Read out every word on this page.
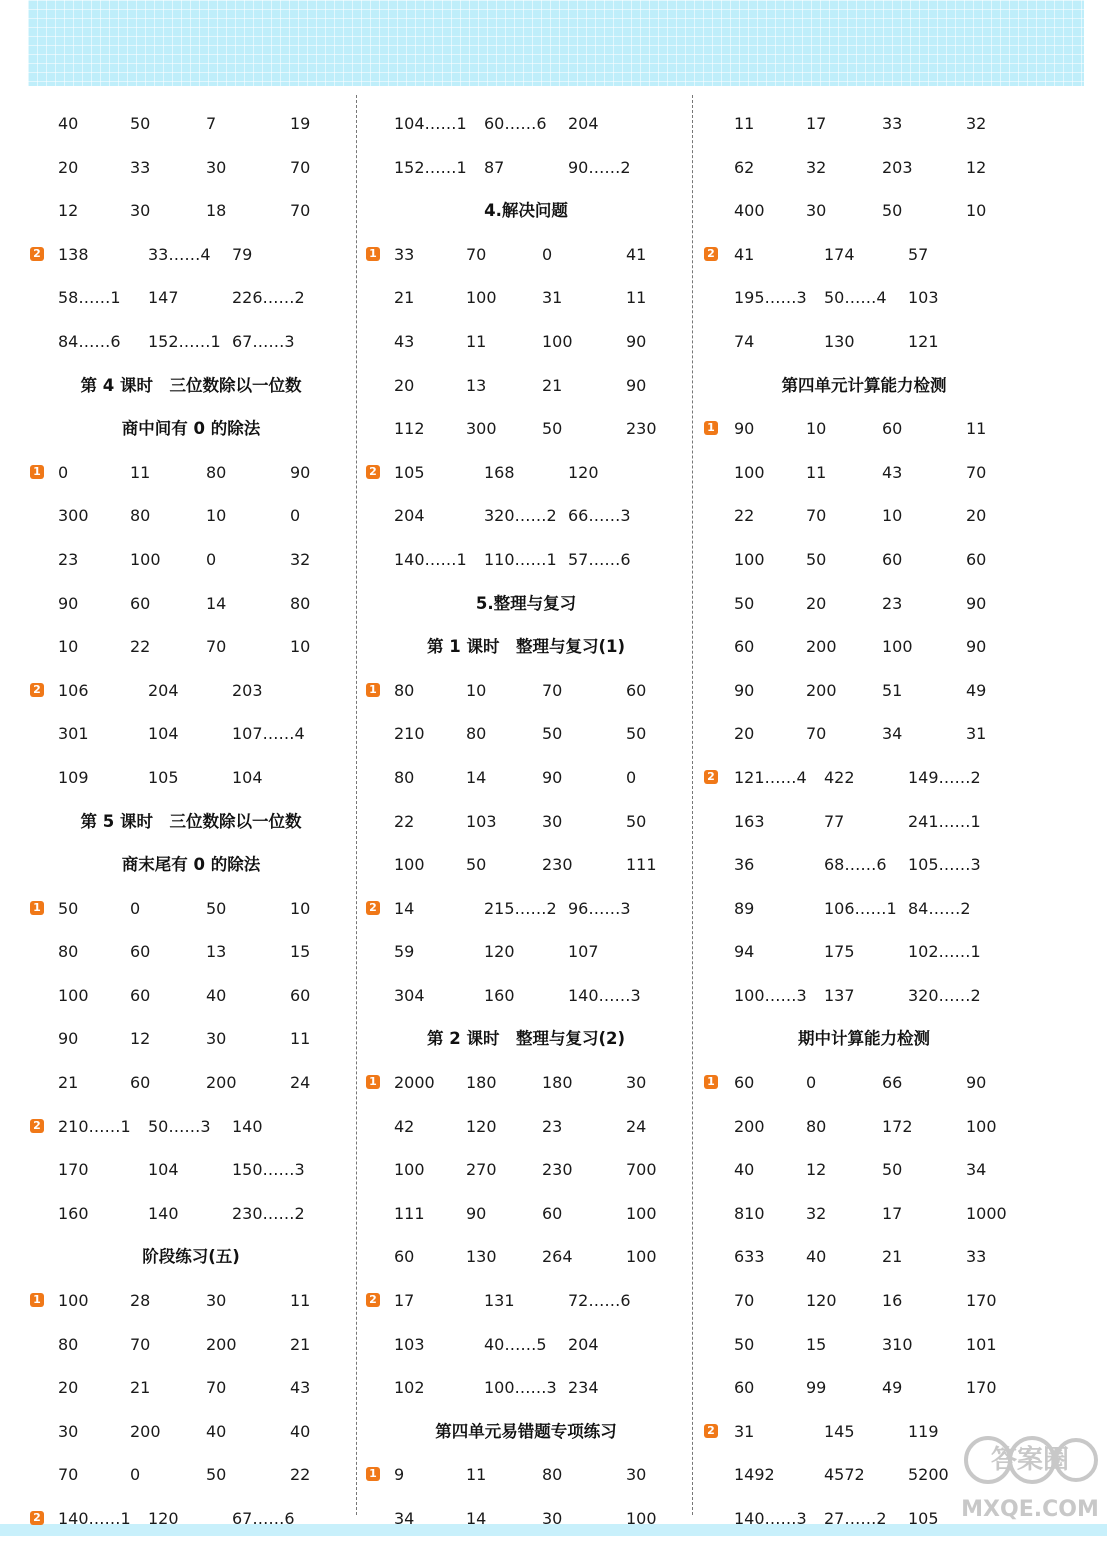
40	50	7	19
20	33	30	70
12	30	18	70
2 138	33……4 79
58……1 147	226……2
84……6 152……1 67……3
第 4 课时　三位数除以一位数
商中间有 0 的除法
1 0	11	80	90
300	80	10	0
23	100	0	32
90	60	14	80
10	22	70	10
2 106	204	203
301	104	107……4
109	105	104
第 5 课时　三位数除以一位数
商末尾有 0 的除法
1 50	0	50	10
80	60	13	15
100	60	40	60
90	12	30	11
21	60	200	24
2 210……1 50……3 140
170	104	150……3
160	140	230……2
阶段练习(五)
1 100	28	30	11
80	70	200	21
20	21	70	43
30	200	40	40
70	0	50	22
2 140……1 120	67……6
104……1 60……6 204
152……1 87	90……2
4.解决问题
1 33	70	0	41
21	100	31	11
43	11	100	90
20	13	21	90
112	300	50	230
2 105	168	120
204	320……2 66……3
140……1 110……1 57……6
5.整理与复习
第 1 课时　整理与复习(1)
1 80	10	70	60
210	80	50	50
80	14	90	0
22	103	30	50
100	50	230	111
2 14	215……2 96……3
59	120	107
304	160	140……3
第 2 课时　整理与复习(2)
1 2000 180	180	30
42	120	23	24
100	270	230	700
111	90	60	100
60	130	264	100
2 17	131	72……6
103	40……5 204
102	100……3 234
第四单元易错题专项练习
1 9	11	80	30
34	14	30	100
11	17	33	32
62	32	203	12
400	30	50	10
2 41	174	57
195……3 50……4 103
74	130	121
第四单元计算能力检测
1 90	10	60	11
100	11	43	70
22	70	10	20
100	50	60	60
50	20	23	90
60	200	100	90
90	200	51	49
20	70	34	31
2 121……4 422	149……2
163	77	241……1
36	68……6 105……3
89	106……1 84……2
94	175	102……1
100……3 137	320……2
期中计算能力检测
1 60	0	66	90
200	80	172	100
40	12	50	34
810	32	17	1000
633	40	21	33
70	120	16	170
50	15	310	101
60	99	49	170
2 31	145	119
1492	4572	5200
140……3 27……2 105
答案圈
MXQE.COM
